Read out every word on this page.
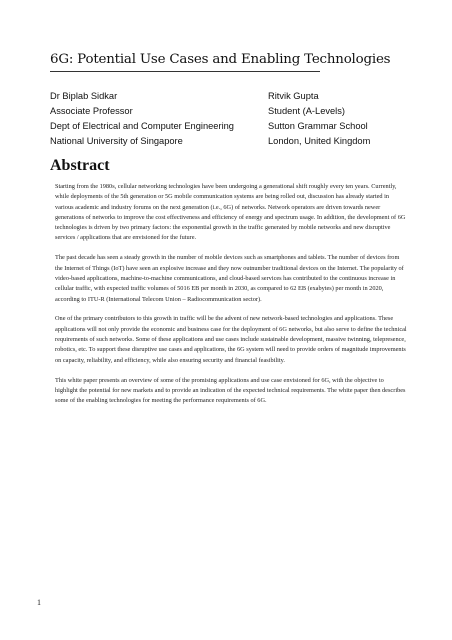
6G: Potential Use Cases and Enabling Technologies
Dr Biplab Sidkar
Associate Professor
Dept of Electrical and Computer Engineering
National University of Singapore
Ritvik Gupta
Student (A-Levels)
Sutton Grammar School
London, United Kingdom
Abstract

Starting from the 1980s, cellular networking technologies have been undergoing a generational shift roughly every ten years. Currently, while deployments of the 5th generation or 5G mobile communication systems are being rolled out, discussion has already started in various academic and industry forums on the next generation (i.e., 6G) of networks. Network operators are driven towards newer generations of networks to improve the cost effectiveness and efficiency of energy and spectrum usage. In addition, the development of 6G technologies is driven by two primary factors: the exponential growth in the traffic generated by mobile networks and new disruptive services / applications that are envisioned for the future.

The past decade has seen a steady growth in the number of mobile devices such as smartphones and tablets. The number of devices from the Internet of Things (IoT) have seen an explosive increase and they now outnumber traditional devices on the Internet. The popularity of video-based applications, machine-to-machine communications, and cloud-based services has contributed to the continuous increase in cellular traffic, with expected traffic volumes of 5016 EB per month in 2030, as compared to 62 EB (exabytes) per month in 2020, according to ITU-R (International Telecom Union – Radiocommunication sector).

One of the primary contributors to this growth in traffic will be the advent of new network-based technologies and applications. These applications will not only provide the economic and business case for the deployment of 6G networks, but also serve to define the technical requirements of such networks. Some of these applications and use cases include sustainable development, massive twinning, telepresence, robotics, etc. To support these disruptive use cases and applications, the 6G system will need to provide orders of magnitude improvements on capacity, reliability, and efficiency, while also ensuring security and financial feasibility.

This white paper presents an overview of some of the promising applications and use case envisioned for 6G, with the objective to highlight the potential for new markets and to provide an indication of the expected technical requirements. The white paper then describes some of the enabling technologies for meeting the performance requirements of 6G.

1
